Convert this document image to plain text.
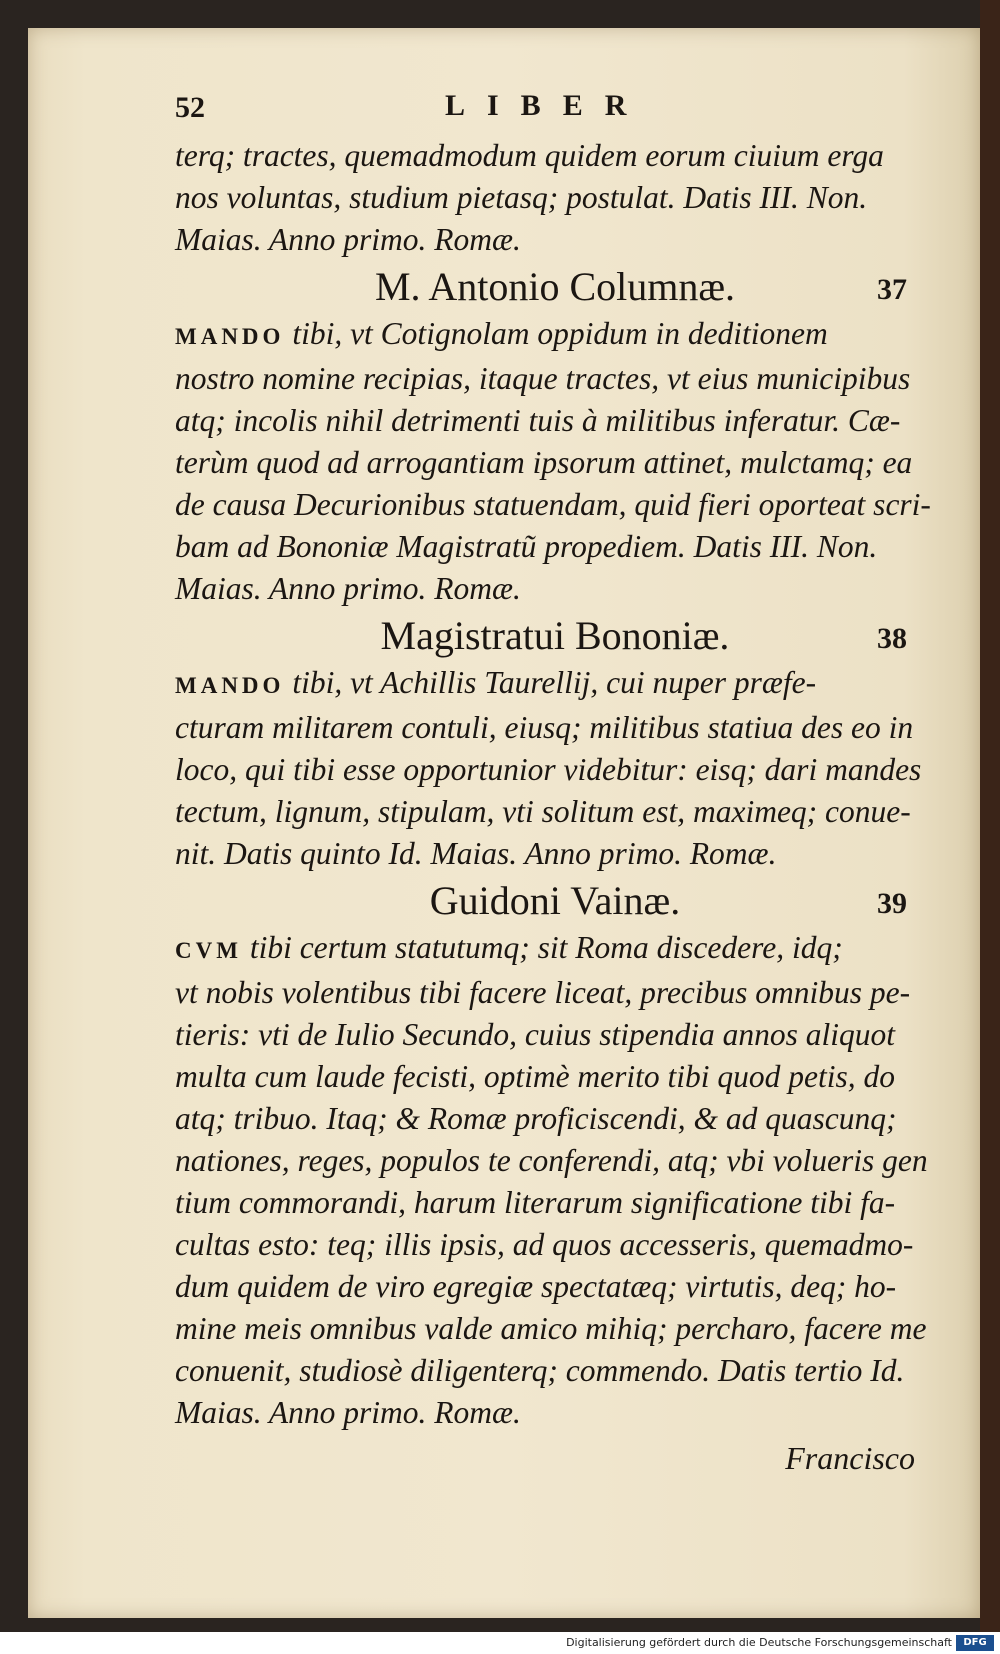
52	LIBER

terq; tractes, quemadmodum quidem eorum ciuium erga

nos voluntas, studium pietasq; postulat. Datis III. Non.

Maias. Anno primo. Romæ.

M. Antonio Columnæ.	37

MANDO tibi, vt Cotignolam oppidum in deditionem

nostro nomine recipias, itaque tractes, vt eius municipibus

atq; incolis nihil detrimenti tuis à militibus inferatur. Cæ-

terùm quod ad arrogantiam ipsorum attinet, mulctamq; ea

de causa Decurionibus statuendam, quid fieri oporteat scri-

bam ad Bononiæ Magistratũ propediem. Datis III. Non.

Maias. Anno primo. Romæ.

Magistratui Bononiæ.	38

MANDO tibi, vt Achillis Taurellij, cui nuper præfe-

cturam militarem contuli, eiusq; militibus statiua des eo in

loco, qui tibi esse opportunior videbitur: eisq; dari mandes

tectum, lignum, stipulam, vti solitum est, maximeq; conue-

nit. Datis quinto Id. Maias. Anno primo. Romæ.

Guidoni Vainæ.	39

CVM tibi certum statutumq; sit Roma discedere, idq;

vt nobis volentibus tibi facere liceat, precibus omnibus pe-

tieris: vti de Iulio Secundo, cuius stipendia annos aliquot

multa cum laude fecisti, optimè merito tibi quod petis, do

atq; tribuo. Itaq; & Romæ proficiscendi, & ad quascunq;

nationes, reges, populos te conferendi, atq; vbi volueris gen

tium commorandi, harum literarum significatione tibi fa-

cultas esto: teq; illis ipsis, ad quos accesseris, quemadmo-

dum quidem de viro egregiæ spectatæq; virtutis, deq; ho-

mine meis omnibus valde amico mihiq; percharo, facere me

conuenit, studiosè diligenterq; commendo. Datis tertio Id.

Maias. Anno primo. Romæ.

Francisco
Digitalisierung gefördert durch die Deutsche Forschungsgemeinschaft	DFG
